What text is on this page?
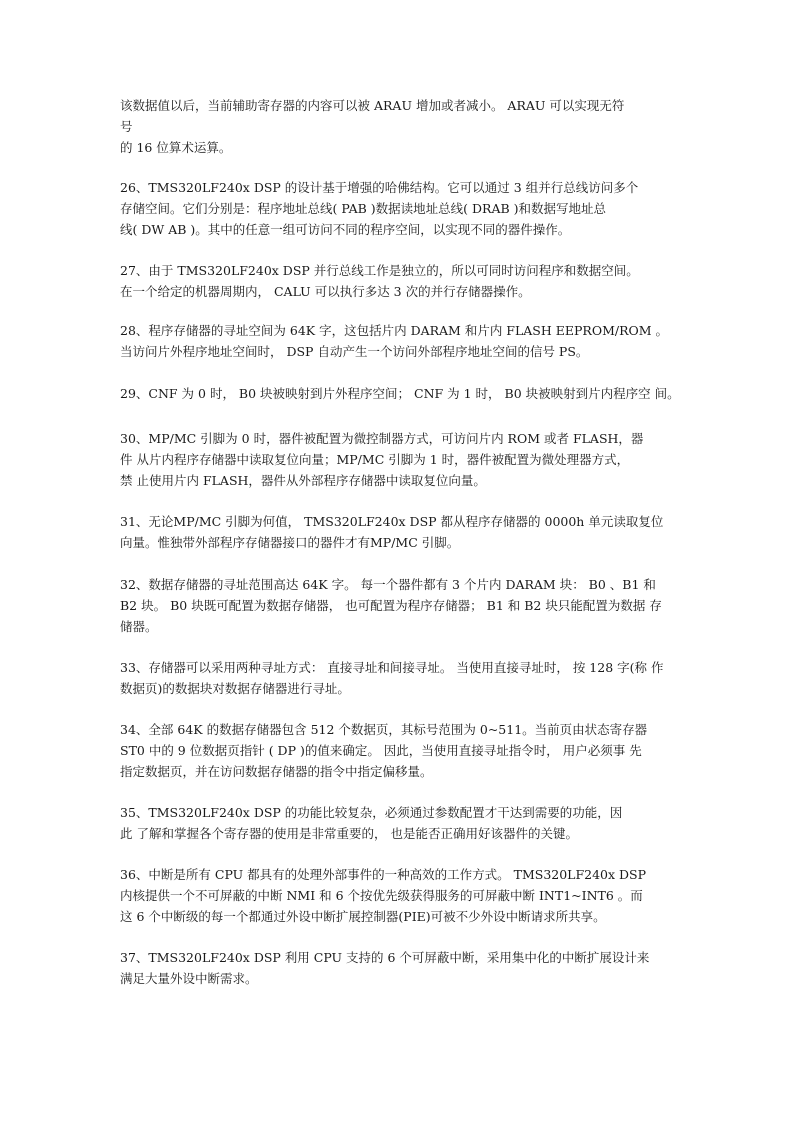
该数据值以后，当前辅助寄存器的内容可以被 ARAU 增加或者减小。 ARAU 可以实现无符
号
的 16 位算术运算。
26、TMS320LF240x DSP 的设计基于增强的哈佛结构。它可以通过 3 组并行总线访问多个
存储空间。它们分别是：程序地址总线( PAB )数据读地址总线( DRAB )和数据写地址总
线( DW AB )。其中的任意一组可访问不同的程序空间，以实现不同的器件操作。
27、由于 TMS320LF240x DSP 并行总线工作是独立的，所以可同时访问程序和数据空间。
在一个给定的机器周期内， CALU 可以执行多达 3 次的并行存储器操作。
28、程序存储器的寻址空间为 64K 字，这包括片内 DARAM 和片内 FLASH EEPROM/ROM 。
当访问片外程序地址空间时， DSP 自动产生一个访问外部程序地址空间的信号 PS。
29、CNF 为 0 时， B0 块被映射到片外程序空间； CNF 为 1 时， B0 块被映射到片内程序空 间。
30、MP/MC 引脚为 0 时，器件被配置为微控制器方式，可访问片内 ROM 或者 FLASH，器
件 从片内程序存储器中读取复位向量；MP/MC 引脚为 1 时，器件被配置为微处理器方式，
禁 止使用片内 FLASH，器件从外部程序存储器中读取复位向量。
31、无论MP/MC 引脚为何值， TMS320LF240x DSP 都从程序存储器的 0000h 单元读取复位
向量。惟独带外部程序存储器接口的器件才有MP/MC 引脚。
32、数据存储器的寻址范围高达 64K 字。 每一个器件都有 3 个片内 DARAM 块： B0 、B1 和
B2 块。 B0 块既可配置为数据存储器， 也可配置为程序存储器； B1 和 B2 块只能配置为数据 存
储器。
33、存储器可以采用两种寻址方式： 直接寻址和间接寻址。 当使用直接寻址时， 按 128 字(称 作
数据页)的数据块对数据存储器进行寻址。
34、全部 64K 的数据存储器包含 512 个数据页，其标号范围为 0~511。当前页由状态寄存器
ST0 中的 9 位数据页指针 ( DP )的值来确定。 因此，当使用直接寻址指令时， 用户必须事 先
指定数据页，并在访问数据存储器的指令中指定偏移量。
35、TMS320LF240x DSP 的功能比较复杂，必须通过参数配置才干达到需要的功能，因
此 了解和掌握各个寄存器的使用是非常重要的， 也是能否正确用好该器件的关键。
36、中断是所有 CPU 都具有的处理外部事件的一种高效的工作方式。 TMS320LF240x DSP
内核提供一个不可屏蔽的中断 NMI 和 6 个按优先级获得服务的可屏蔽中断 INT1~INT6 。而
这 6 个中断级的每一个都通过外设中断扩展控制器(PIE)可被不少外设中断请求所共享。
37、TMS320LF240x DSP 利用 CPU 支持的 6 个可屏蔽中断，采用集中化的中断扩展设计来
满足大量外设中断需求。
